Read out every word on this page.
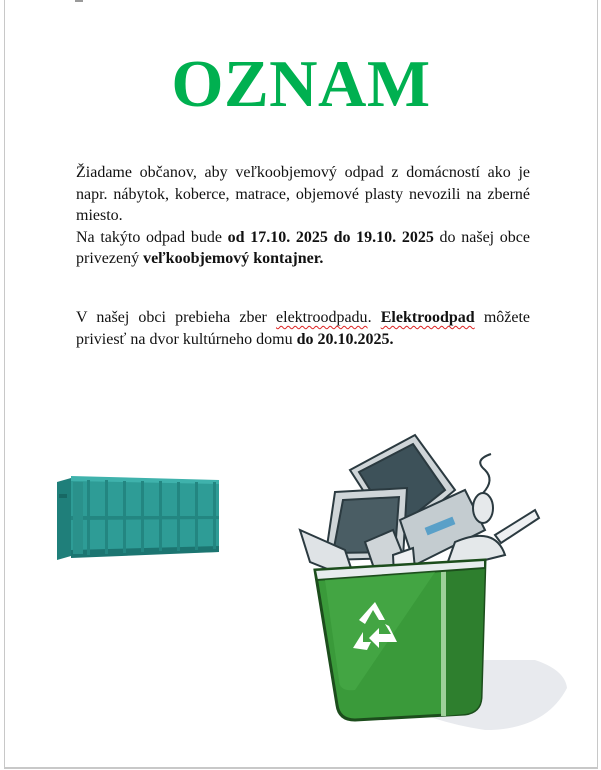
OZNAM

Žiadame občanov, aby veľkoobjemový odpad z domácností ako je napr. nábytok, koberce, matrace, objemové plasty nevozili na zberné miesto.

Na takýto odpad bude od 17.10. 2025 do 19.10. 2025 do našej obce privezený veľkoobjemový kontajner.

V našej obci prebieha zber elektroodpadu. Elektroodpad môžete priviesť na dvor kultúrneho domu do 20.10.2025.
